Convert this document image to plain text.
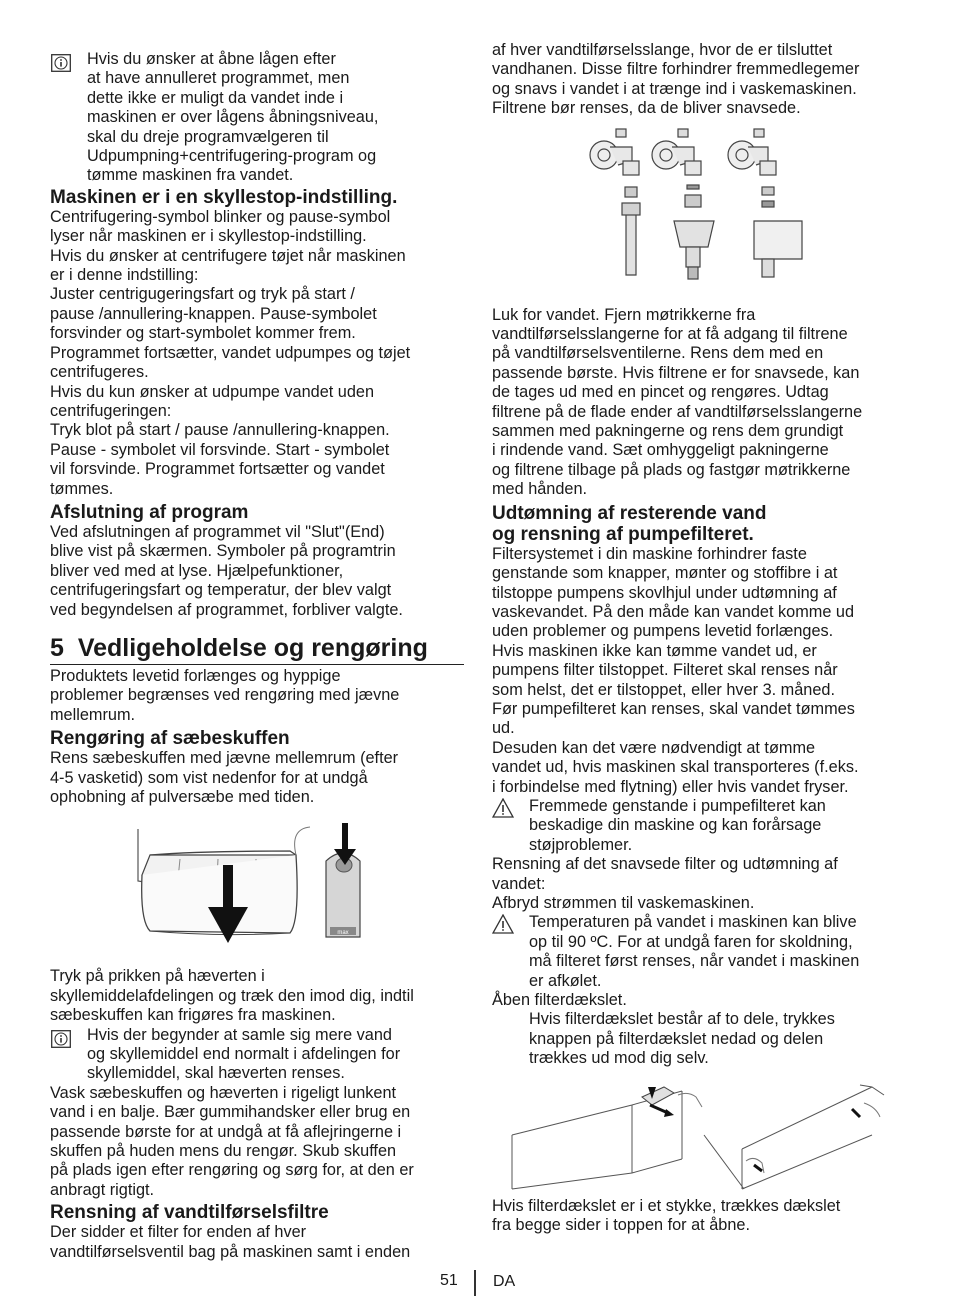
Hvis du ønsker at åbne lågen efter

at have annulleret programmet, men

dette ikke er muligt da vandet inde i

maskinen er over lågens åbningsniveau,

skal du dreje programvælgeren til

Udpumpning+centrifugering-program og

tømme maskinen fra vandet.

Maskinen er i en skyllestop-indstilling.

Centrifugering-symbol blinker og pause-symbol

lyser når maskinen er i skyllestop-indstilling.

Hvis du ønsker at centrifugere tøjet når maskinen

er i denne indstilling:

Juster centrigugeringsfart og tryk på start /

pause /annullering-knappen. Pause-symbolet

forsvinder og start-symbolet kommer frem.

Programmet fortsætter, vandet udpumpes og tøjet

centrifugeres.

Hvis du kun ønsker at udpumpe vandet uden

centrifugeringen:

Tryk blot på start / pause /annullering-knappen.

Pause - symbolet vil forsvinde. Start - symbolet

vil forsvinde. Programmet fortsætter og vandet

tømmes.

Afslutning af program

Ved afslutningen af programmet vil "Slut"(End)

blive vist på skærmen. Symboler på programtrin

bliver ved med at lyse. Hjælpefunktioner,

centrifugeringsfart og temperatur, der blev valgt

ved begyndelsen af programmet, forbliver valgte.

5 Vedligeholdelse og rengøring

Produktets levetid forlænges og hyppige

problemer begrænses ved rengøring med jævne

mellemrum.

Rengøring af sæbeskuffen

Rens sæbeskuffen med jævne mellemrum (efter

4-5 vasketid) som vist nedenfor for at undgå

ophobning af pulversæbe med tiden.

max

Tryk på prikken på hæverten i

skyllemiddelafdelingen og træk den imod dig, indtil

sæbeskuffen kan frigøres fra maskinen.

Hvis der begynder at samle sig mere vand

og skyllemiddel end normalt i afdelingen for

skyllemiddel, skal hæverten renses.

Vask sæbeskuffen og hæverten i rigeligt lunkent

vand i en balje. Bær gummihandsker eller brug en

passende børste for at undgå at få aflejringerne i

skuffen på huden mens du rengør. Skub skuffen

på plads igen efter rengøring og sørg for, at den er

anbragt rigtigt.

Rensning af vandtilførselsfiltre

Der sidder et filter for enden af hver

vandtilførselsventil bag på maskinen samt i enden

af hver vandtilførselsslange, hvor de er tilsluttet

vandhanen. Disse filtre forhindrer fremmedlegemer

og snavs i vandet i at trænge ind i vaskemaskinen.

Filtrene bør renses, da de bliver snavsede.

Luk for vandet. Fjern møtrikkerne fra

vandtilførselsslangerne for at få adgang til filtrene

på vandtilførselsventilerne. Rens dem med en

passende børste. Hvis filtrene er for snavsede, kan

de tages ud med en pincet og rengøres. Udtag

filtrene på de flade ender af vandtilførselsslangerne

sammen med pakningerne og rens dem grundigt

i rindende vand. Sæt omhyggeligt pakningerne

og filtrene tilbage på plads og fastgør møtrikkerne

med hånden.

Udtømning af resterende vand
og rensning af pumpefilteret.

Filtersystemet i din maskine forhindrer faste

genstande som knapper, mønter og stoffibre i at

tilstoppe pumpens skovlhjul under udtømning af

vaskevandet. På den måde kan vandet komme ud

uden problemer og pumpens levetid forlænges.

Hvis maskinen ikke kan tømme vandet ud, er

pumpens filter tilstoppet. Filteret skal renses når

som helst, det er tilstoppet, eller hver 3. måned.

Før pumpefilteret kan renses, skal vandet tømmes

ud.

Desuden kan det være nødvendigt at tømme

vandet ud, hvis maskinen skal transporteres (f.eks.

i forbindelse med flytning) eller hvis vandet fryser.

Fremmede genstande i pumpefilteret kan

beskadige din maskine og kan forårsage

støjproblemer.

Rensning af det snavsede filter og udtømning af

vandet:

Afbryd strømmen til vaskemaskinen.

Temperaturen på vandet i maskinen kan blive

op til 90 ºC. For at undgå faren for skoldning,

må filteret først renses, når vandet i maskinen

er afkølet.

Åben filterdækslet.

Hvis filterdækslet består af to dele, trykkes

knappen på filterdækslet nedad og delen

trækkes ud mod dig selv.

Hvis filterdækslet er i et stykke, trækkes dækslet

fra begge sider i toppen for at åbne.

51 DA
